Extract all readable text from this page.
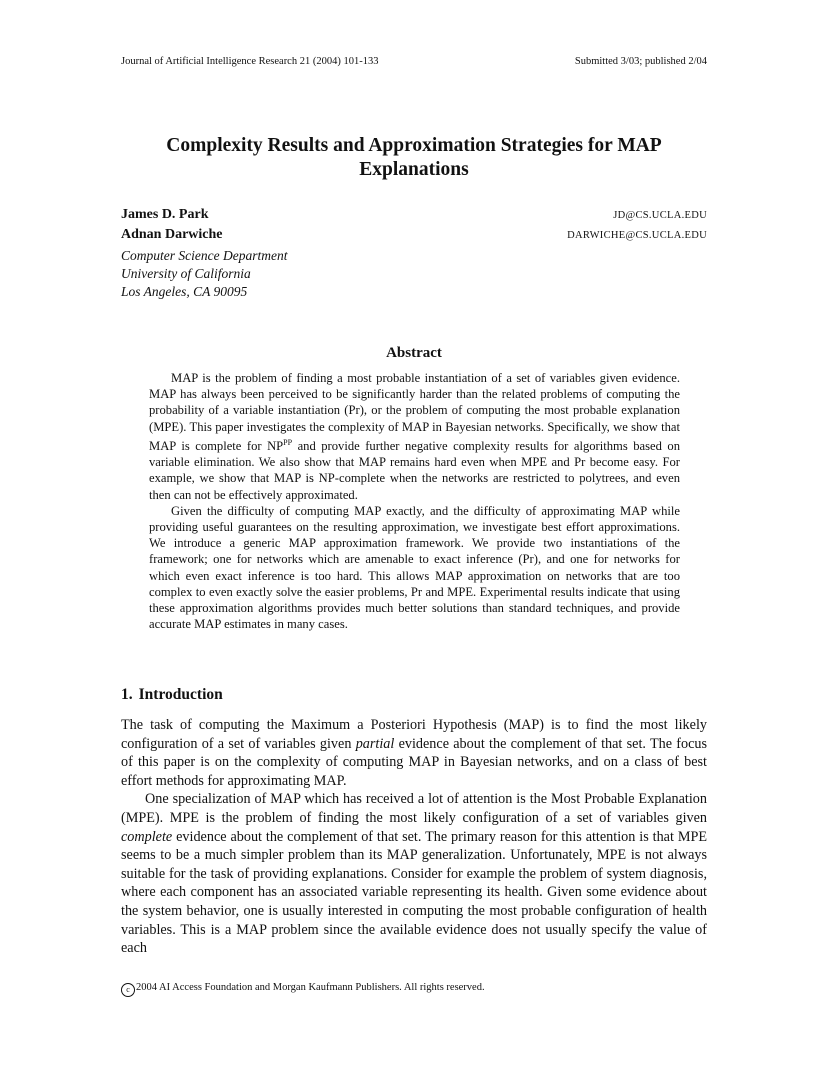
Journal of Artificial Intelligence Research 21 (2004) 101-133	Submitted 3/03; published 2/04
Complexity Results and Approximation Strategies for MAP
Explanations
James D. Park	JD@CS.UCLA.EDU
Adnan Darwiche	DARWICHE@CS.UCLA.EDU
Computer Science Department
University of California
Los Angeles, CA 90095
Abstract

MAP is the problem of finding a most probable instantiation of a set of variables given evidence. MAP has always been perceived to be significantly harder than the related problems of computing the probability of a variable instantiation (Pr), or the problem of computing the most probable explanation (MPE). This paper investigates the complexity of MAP in Bayesian networks. Specifically, we show that MAP is complete for $NP^{PP}$ and provide further negative complexity results for algorithms based on variable elimination. We also show that MAP remains hard even when MPE and Pr become easy. For example, we show that MAP is NP-complete when the networks are restricted to polytrees, and even then can not be effectively approximated.

Given the difficulty of computing MAP exactly, and the difficulty of approximating MAP while providing useful guarantees on the resulting approximation, we investigate best effort approximations. We introduce a generic MAP approximation framework. We provide two instantiations of the framework; one for networks which are amenable to exact inference (Pr), and one for networks for which even exact inference is too hard. This allows MAP approximation on networks that are too complex to even exactly solve the easier problems, Pr and MPE. Experimental results indicate that using these approximation algorithms provides much better solutions than standard techniques, and provide accurate MAP estimates in many cases.

1. Introduction

The task of computing the Maximum a Posteriori Hypothesis (MAP) is to find the most likely configuration of a set of variables given partial evidence about the complement of that set. The focus of this paper is on the complexity of computing MAP in Bayesian networks, and on a class of best effort methods for approximating MAP.

One specialization of MAP which has received a lot of attention is the Most Probable Explanation (MPE). MPE is the problem of finding the most likely configuration of a set of variables given complete evidence about the complement of that set. The primary reason for this attention is that MPE seems to be a much simpler problem than its MAP generalization. Unfortunately, MPE is not always suitable for the task of providing explanations. Consider for example the problem of system diagnosis, where each component has an associated variable representing its health. Given some evidence about the system behavior, one is usually interested in computing the most probable configuration of health variables. This is a MAP problem since the available evidence does not usually specify the value of each

c 2004 AI Access Foundation and Morgan Kaufmann Publishers. All rights reserved.
